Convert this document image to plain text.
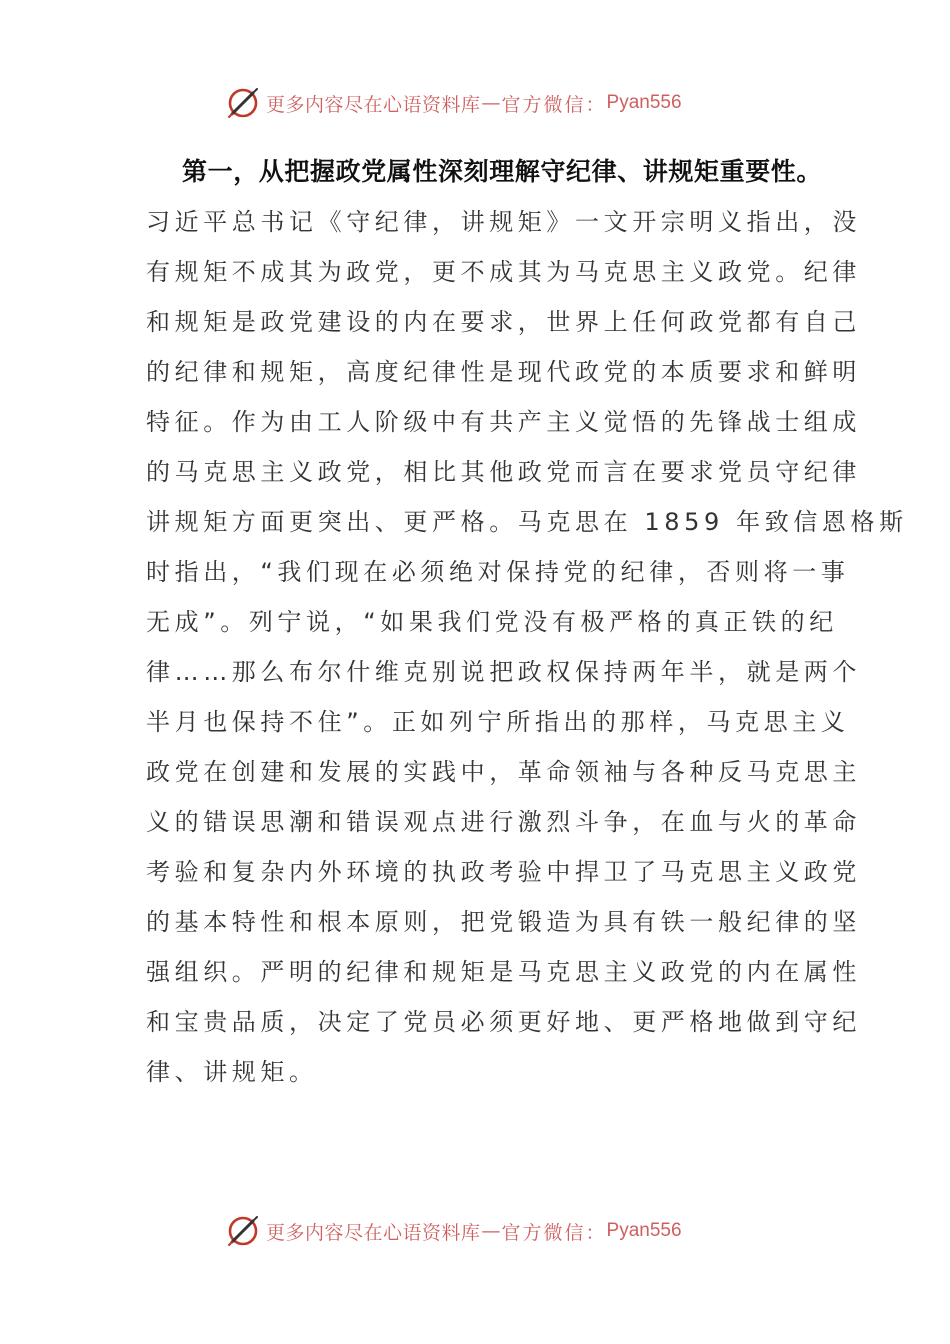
更多内容尽在心语资料库 — 官方微信： Pyan556
第一，从把握政党属性深刻理解守纪律、讲规矩重要性。
习近平总书记《守纪律，讲规矩》一文开宗明义指出，没
有规矩不成其为政党，更不成其为马克思主义政党。纪律
和规矩是政党建设的内在要求，世界上任何政党都有自己
的纪律和规矩，高度纪律性是现代政党的本质要求和鲜明
特征。作为由工人阶级中有共产主义觉悟的先锋战士组成
的马克思主义政党，相比其他政党而言在要求党员守纪律
讲规矩方面更突出、更严格。马克思在 1859 年致信恩格斯
时指出，“我们现在必须绝对保持党的纪律，否则将一事
无成”。列宁说，“如果我们党没有极严格的真正铁的纪
律……那么布尔什维克别说把政权保持两年半，就是两个
半月也保持不住”。正如列宁所指出的那样，马克思主义
政党在创建和发展的实践中，革命领袖与各种反马克思主
义的错误思潮和错误观点进行激烈斗争，在血与火的革命
考验和复杂内外环境的执政考验中捍卫了马克思主义政党
的基本特性和根本原则，把党锻造为具有铁一般纪律的坚
强组织。严明的纪律和规矩是马克思主义政党的内在属性
和宝贵品质，决定了党员必须更好地、更严格地做到守纪
律、讲规矩。
更多内容尽在心语资料库 — 官方微信： Pyan556
